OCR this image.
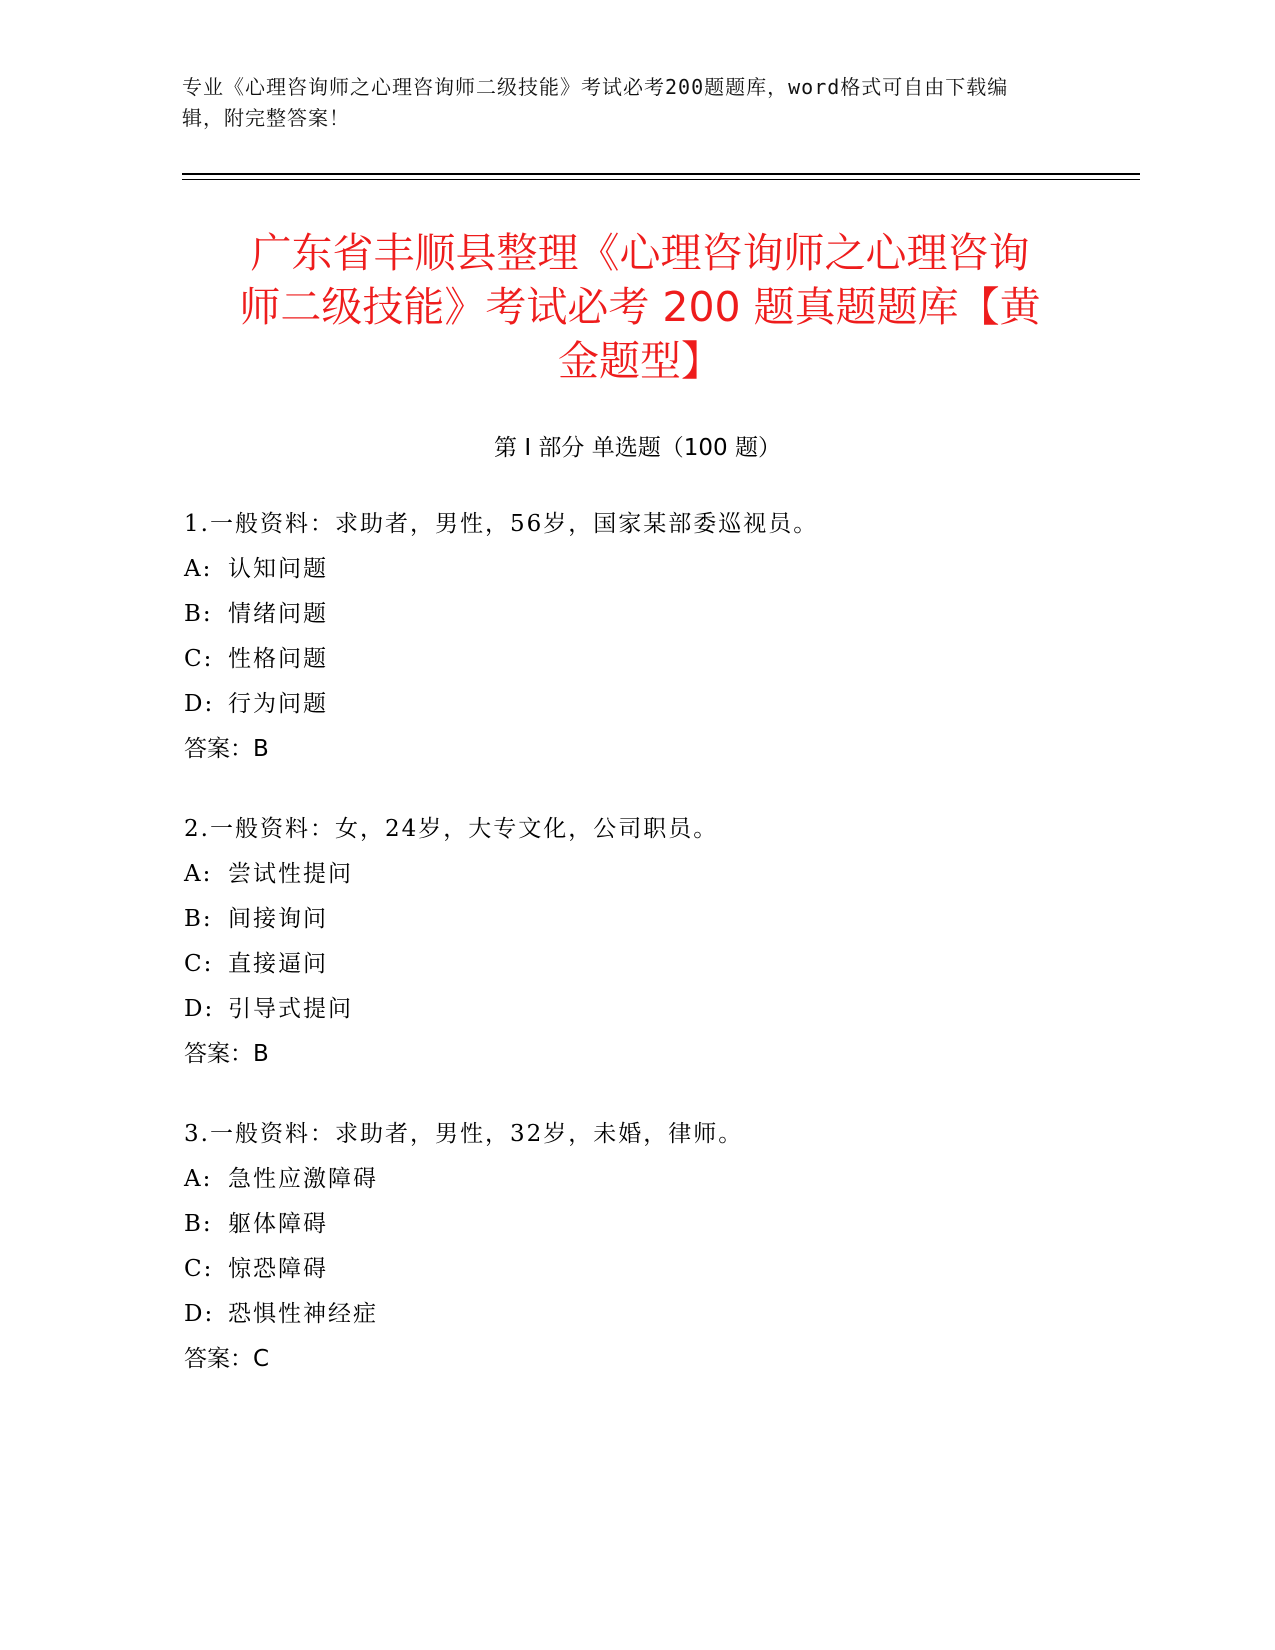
专业《心理咨询师之心理咨询师二级技能》考试必考200题题库，word格式可自由下载编辑，附完整答案！
广东省丰顺县整理《心理咨询师之心理咨询
师二级技能》考试必考 200 题真题题库【黄
金题型】
第 I 部分 单选题（100 题）
1.一般资料：求助者，男性，56岁，国家某部委巡视员。
A: 认知问题
B: 情绪问题
C: 性格问题
D: 行为问题
答案：B
2.一般资料：女，24岁，大专文化，公司职员。
A: 尝试性提问
B: 间接询问
C: 直接逼问
D: 引导式提问
答案：B
3.一般资料：求助者，男性，32岁，未婚，律师。
A: 急性应激障碍
B: 躯体障碍
C: 惊恐障碍
D: 恐惧性神经症
答案：C
